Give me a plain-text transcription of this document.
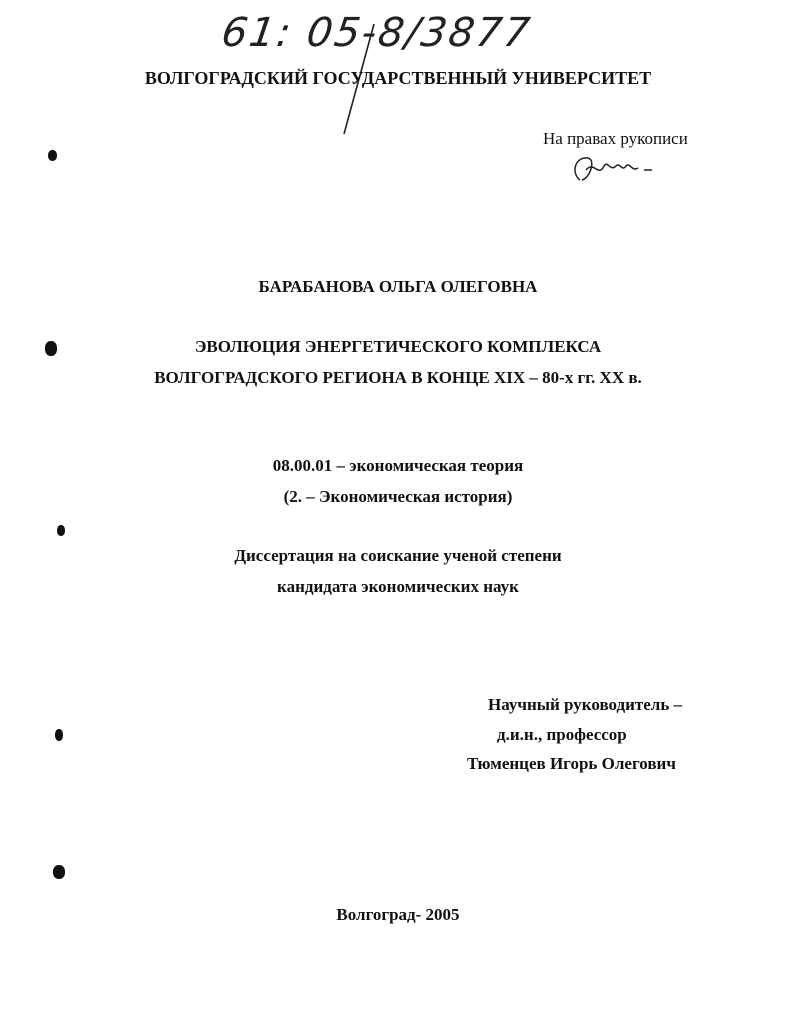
61: 05-8/3877
ВОЛГОГРАДСКИЙ ГОСУДАРСТВЕННЫЙ УНИВЕРСИТЕТ
На правах рукописи
БАРАБАНОВА ОЛЬГА ОЛЕГОВНА
ЭВОЛЮЦИЯ ЭНЕРГЕТИЧЕСКОГО КОМПЛЕКСА
ВОЛГОГРАДСКОГО РЕГИОНА В КОНЦЕ XIX – 80-х гг. XX в.
08.00.01 – экономическая теория
(2. – Экономическая история)
Диссертация на соискание ученой степени
кандидата экономических наук
Научный руководитель –
д.и.н., профессор
Тюменцев Игорь Олегович
Волгоград- 2005
